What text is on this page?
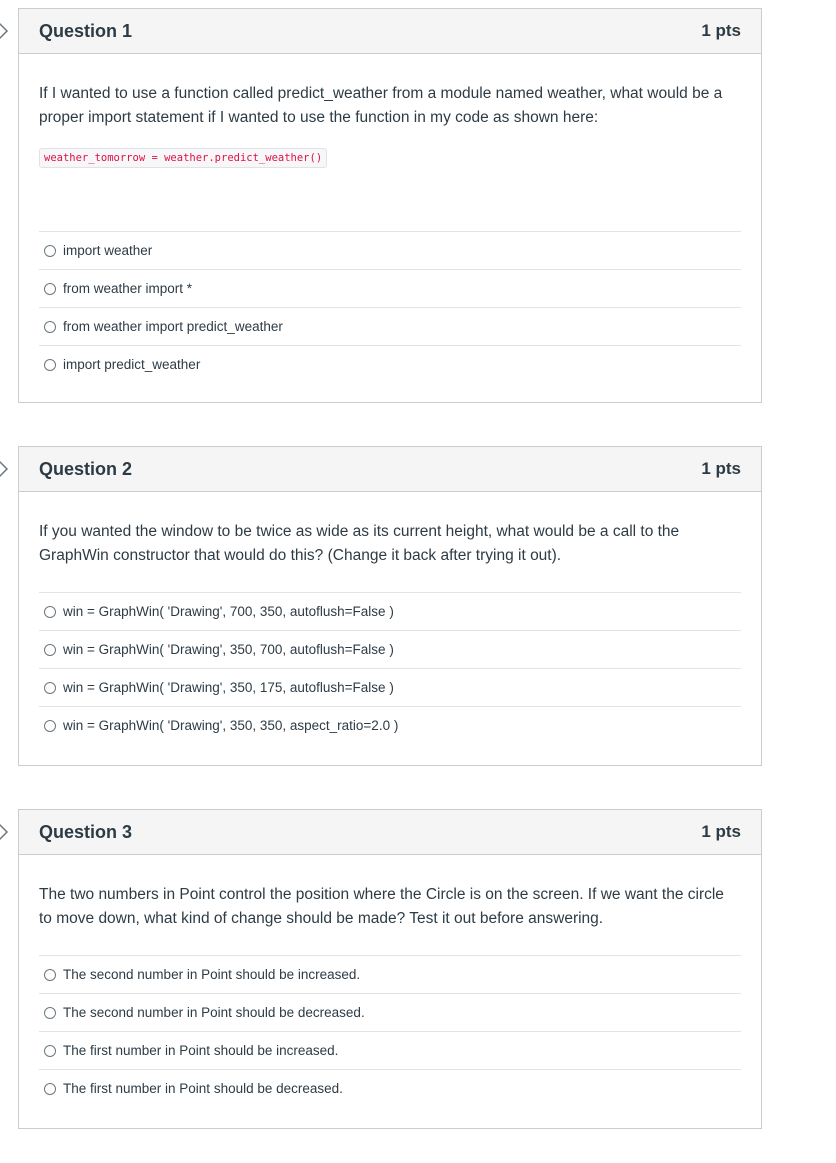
Question 1	1 pts

If I wanted to use a function called predict_weather from a module named weather, what would be a proper import statement if I wanted to use the function in my code as shown here:

weather_tomorrow = weather.predict_weather()
import weather
from weather import *
from weather import predict_weather
import predict_weather
Question 2	1 pts

If you wanted the window to be twice as wide as its current height, what would be a call to the GraphWin constructor that would do this? (Change it back after trying it out).

win = GraphWin( 'Drawing', 700, 350, autoflush=False )
win = GraphWin( 'Drawing', 350, 700, autoflush=False )
win = GraphWin( 'Drawing', 350, 175, autoflush=False )
win = GraphWin( 'Drawing', 350, 350, aspect_ratio=2.0 )
Question 3	1 pts

The two numbers in Point control the position where the Circle is on the screen. If we want the circle to move down, what kind of change should be made? Test it out before answering.

The second number in Point should be increased.
The second number in Point should be decreased.
The first number in Point should be increased.
The first number in Point should be decreased.
